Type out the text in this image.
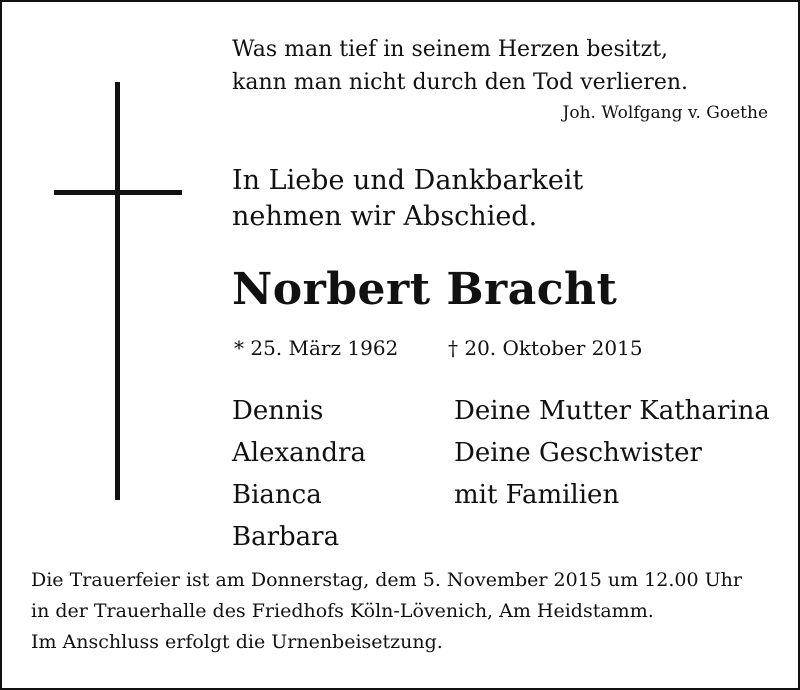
Was man tief in seinem Herzen besitzt,
kann man nicht durch den Tod verlieren.
Joh. Wolfgang v. Goethe
In Liebe und Dankbarkeit
nehmen wir Abschied.
Norbert Bracht
* 25. März 1962 † 20. Oktober 2015
Dennis
Alexandra
Bianca
Barbara
Deine Mutter Katharina
Deine Geschwister
mit Familien
Die Trauerfeier ist am Donnerstag, dem 5. November 2015 um 12.00 Uhr
in der Trauerhalle des Friedhofs Köln-Lövenich, Am Heidstamm.
Im Anschluss erfolgt die Urnenbeisetzung.
